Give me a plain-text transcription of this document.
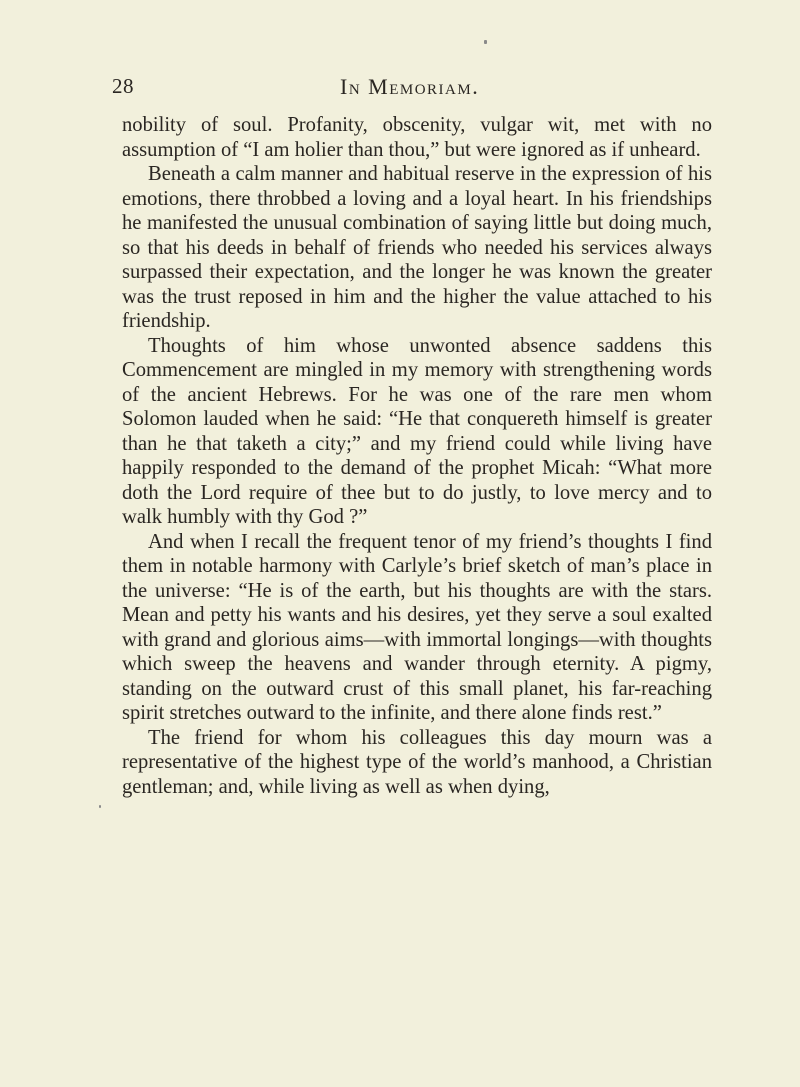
28	In Memoriam.

nobility of soul. Profanity, obscenity, vulgar wit, met with no assumption of “I am holier than thou,” but were ignored as if unheard.

Beneath a calm manner and habitual reserve in the expression of his emotions, there throbbed a loving and a loyal heart. In his friendships he manifested the unusual combination of saying little but doing much, so that his deeds in behalf of friends who needed his services always surpassed their expectation, and the longer he was known the greater was the trust reposed in him and the higher the value attached to his friendship.

Thoughts of him whose unwonted absence saddens this Commencement are mingled in my memory with strengthening words of the ancient Hebrews. For he was one of the rare men whom Solomon lauded when he said: “He that conquereth himself is greater than he that taketh a city;” and my friend could while living have happily responded to the demand of the prophet Micah: “What more doth the Lord require of thee but to do justly, to love mercy and to walk humbly with thy God ?”

And when I recall the frequent tenor of my friend’s thoughts I find them in notable harmony with Carlyle’s brief sketch of man’s place in the universe: “He is of the earth, but his thoughts are with the stars. Mean and petty his wants and his desires, yet they serve a soul exalted with grand and glorious aims—with immortal longings—with thoughts which sweep the heavens and wander through eternity. A pigmy, standing on the outward crust of this small planet, his far-reaching spirit stretches outward to the infinite, and there alone finds rest.”

The friend for whom his colleagues this day mourn was a representative of the highest type of the world’s manhood, a Christian gentleman; and, while living as well as when dying,
